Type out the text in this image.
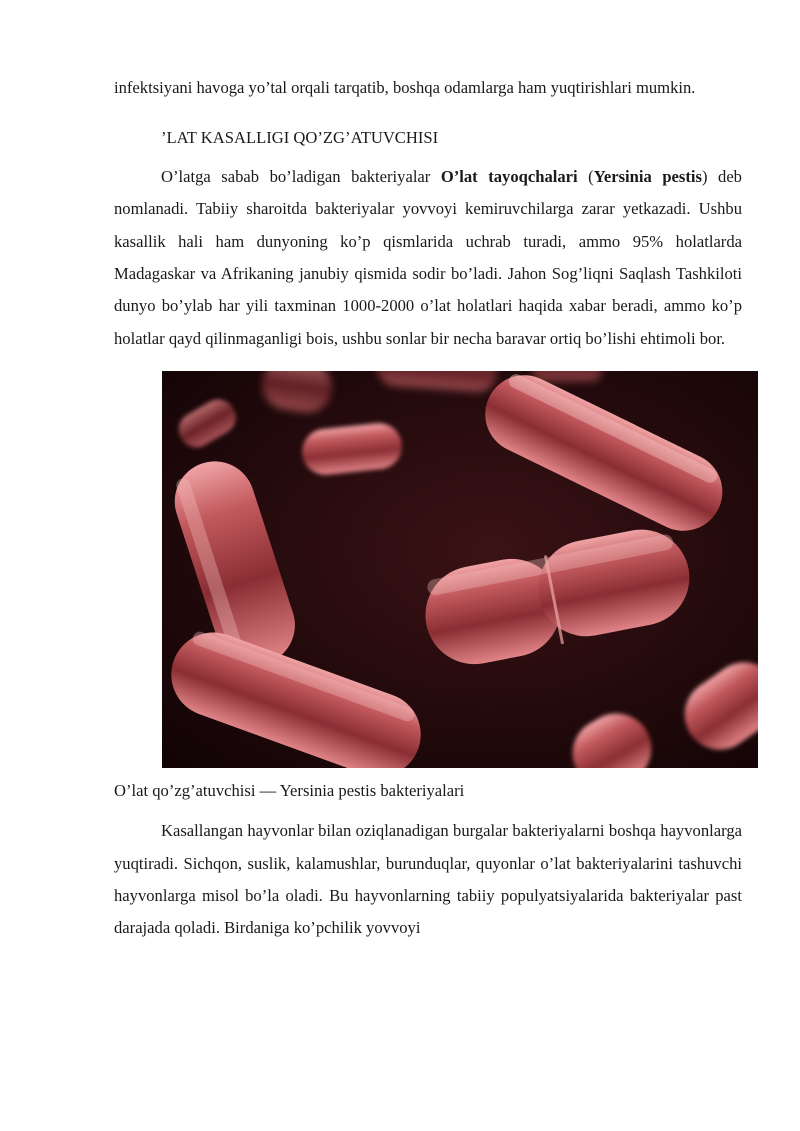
infektsiyani havoga yo’tal orqali tarqatib, boshqa odamlarga ham yuqtirishlari mumkin.

’LAT KASALLIGI QO’ZG’ATUVCHISI

O’latga sabab bo’ladigan bakteriyalar O’lat tayoqchalari (Yersinia pestis) deb nomlanadi. Tabiiy sharoitda bakteriyalar yovvoyi kemiruvchilarga zarar yetkazadi. Ushbu kasallik hali ham dunyoning ko’p qismlarida uchrab turadi, ammo 95% holatlarda Madagaskar va Afrikaning janubiy qismida sodir bo’ladi. Jahon Sog’liqni Saqlash Tashkiloti dunyo bo’ylab har yili taxminan 1000-2000 o’lat holatlari haqida xabar beradi, ammo ko’p holatlar qayd qilinmaganligi bois, ushbu sonlar bir necha baravar ortiq bo’lishi ehtimoli bor.

O’lat qo’zg’atuvchisi — Yersinia pestis bakteriyalari

Kasallangan hayvonlar bilan oziqlanadigan burgalar bakteriyalarni boshqa hayvonlarga yuqtiradi. Sichqon, suslik, kalamushlar, burunduqlar, quyonlar o’lat bakteriyalarini tashuvchi hayvonlarga misol bo’la oladi. Bu hayvonlarning tabiiy populyatsiyalarida bakteriyalar past darajada qoladi. Birdaniga ko’pchilik yovvoyi
